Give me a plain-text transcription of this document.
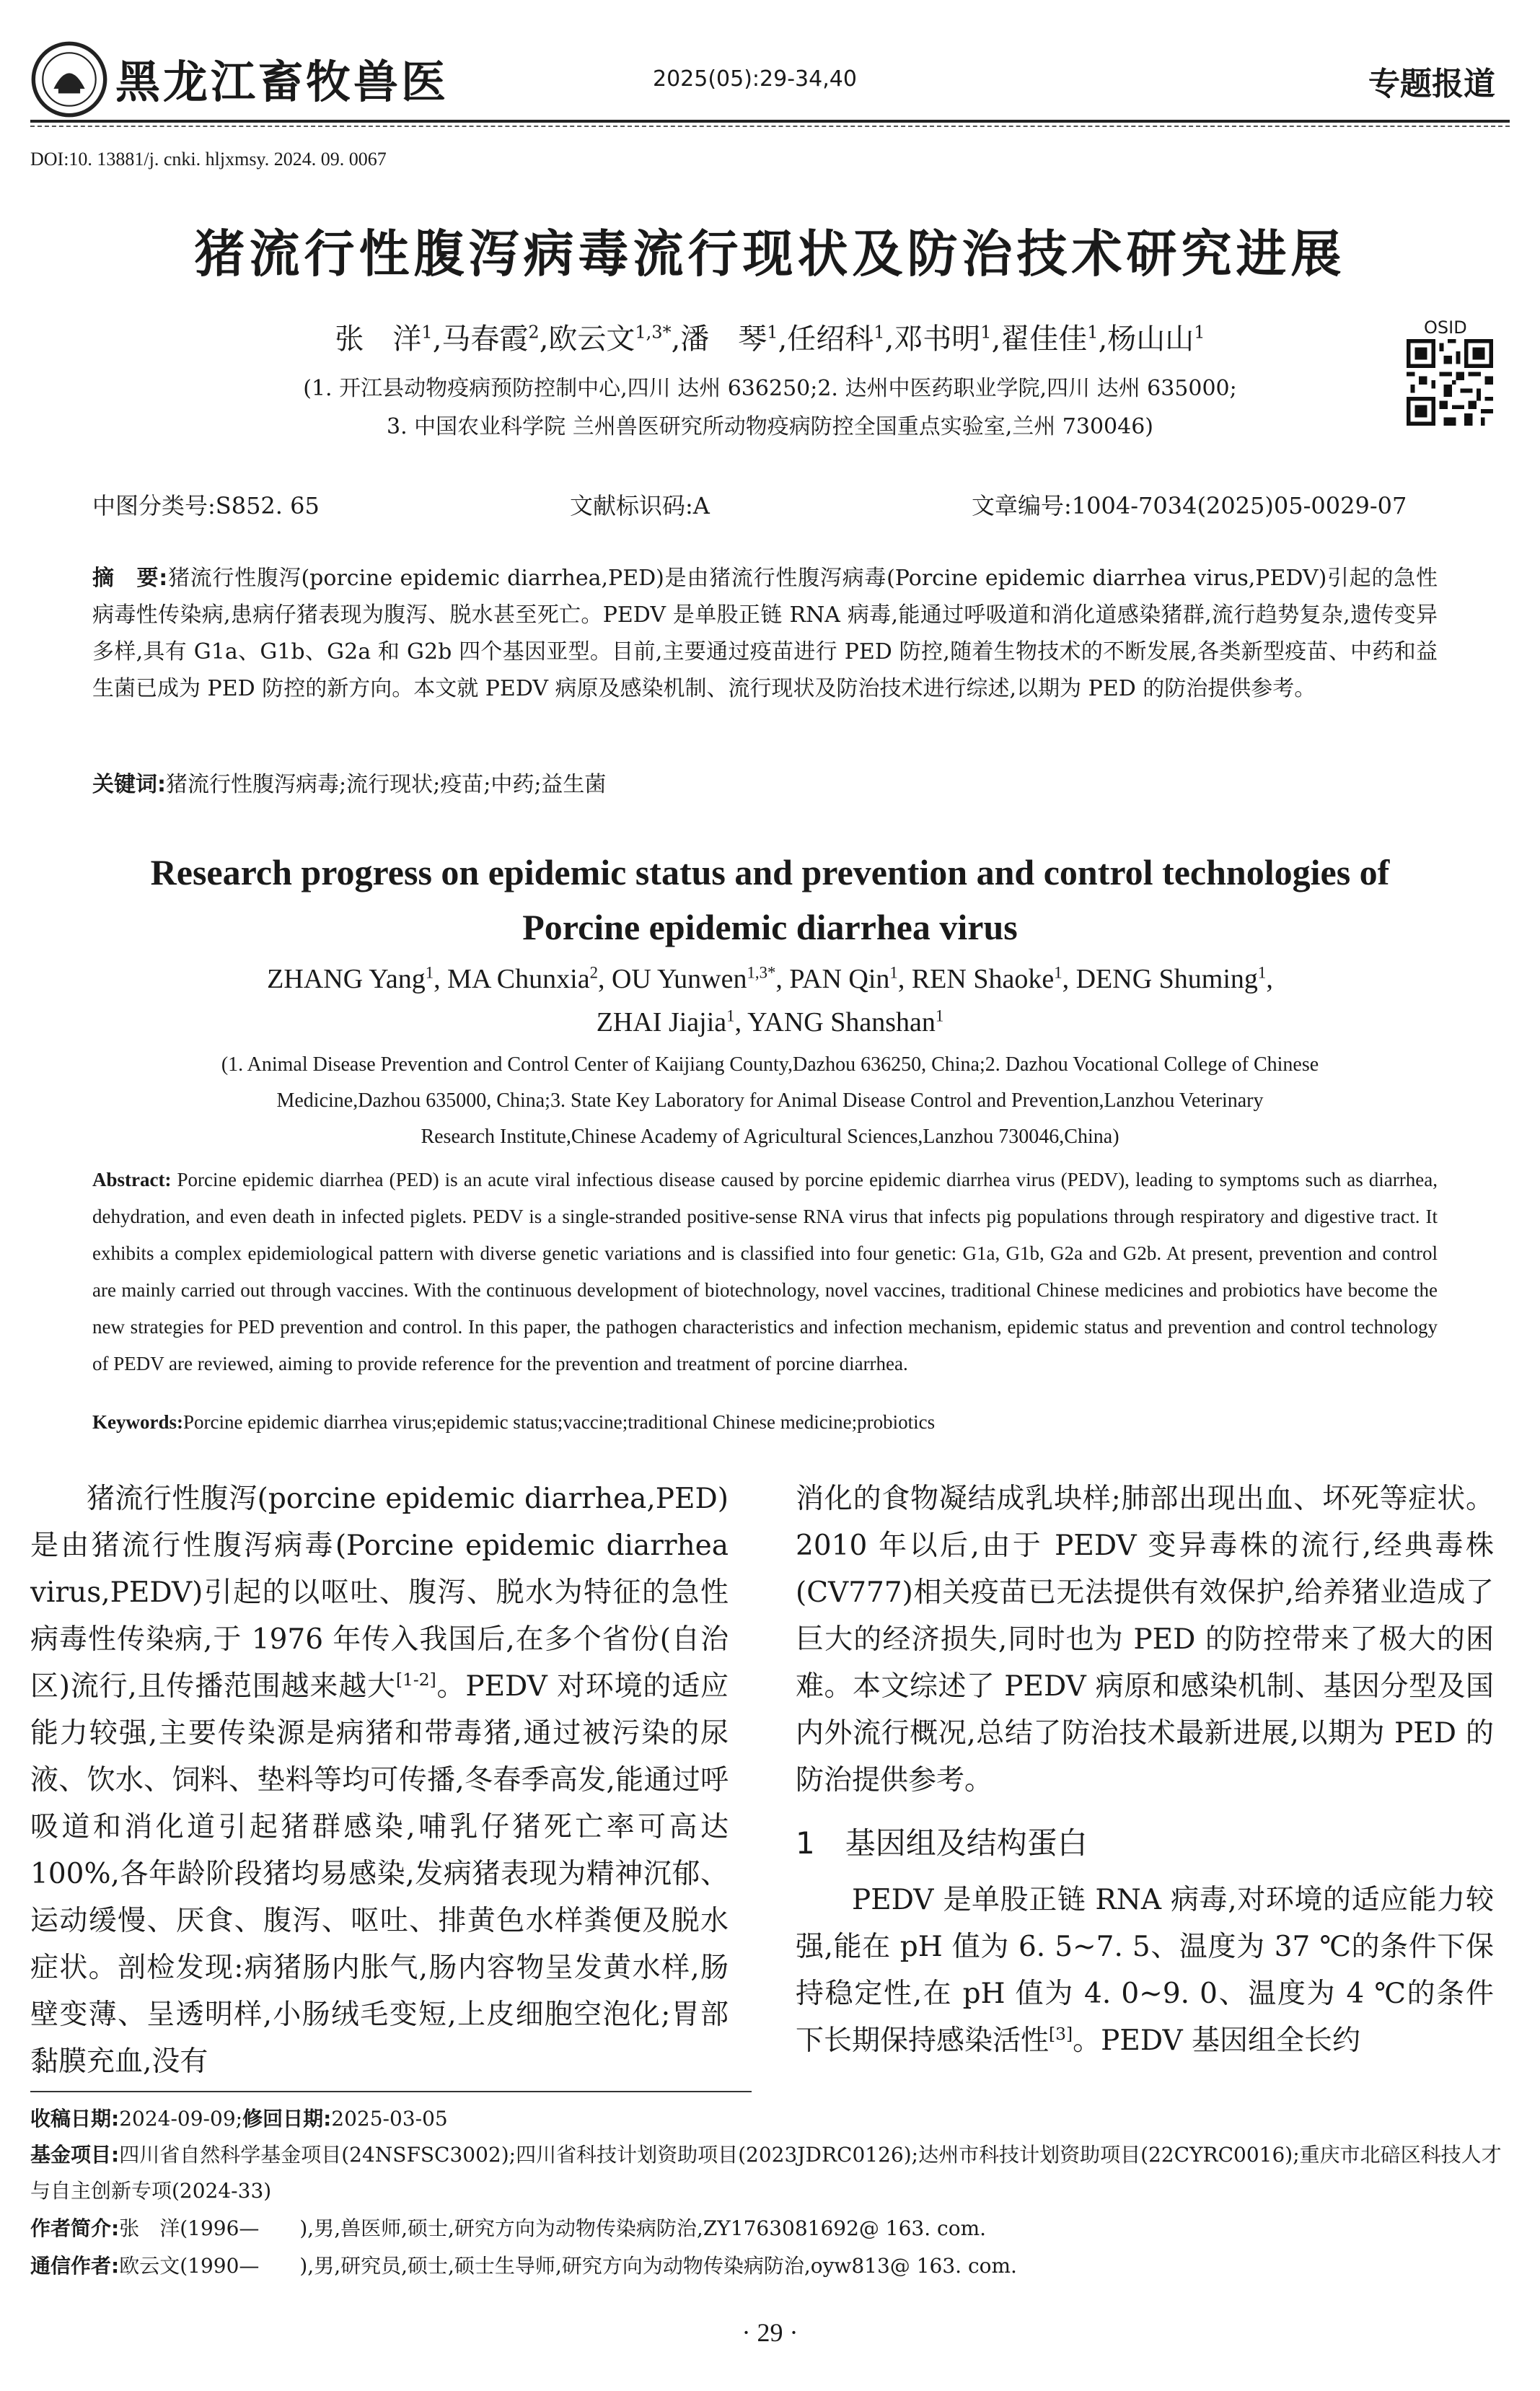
黑龙江畜牧兽医	2025(05):29-34,40	专题报道
DOI:10. 13881/j. cnki. hljxmsy. 2024. 09. 0067
猪流行性腹泻病毒流行现状及防治技术研究进展
张　洋$^1$,马春霞$^2$,欧云文$^{1,3*}$,潘　琴$^1$,任绍科$^1$,邓书明$^1$,翟佳佳$^1$,杨山山$^1$
(1. 开江县动物疫病预防控制中心,四川 达州 636250;2. 达州中医药职业学院,四川 达州 635000;
3. 中国农业科学院 兰州兽医研究所动物疫病防控全国重点实验室,兰州 730046)
OSID
中图分类号:S852. 65	文献标识码:A	文章编号:1004-7034(2025)05-0029-07
摘　要:猪流行性腹泻(porcine epidemic diarrhea,PED)是由猪流行性腹泻病毒(Porcine epidemic diarrhea virus,PEDV)引起的急性病毒性传染病,患病仔猪表现为腹泻、脱水甚至死亡。PEDV 是单股正链 RNA 病毒,能通过呼吸道和消化道感染猪群,流行趋势复杂,遗传变异多样,具有 G1a、G1b、G2a 和 G2b 四个基因亚型。目前,主要通过疫苗进行 PED 防控,随着生物技术的不断发展,各类新型疫苗、中药和益生菌已成为 PED 防控的新方向。本文就 PEDV 病原及感染机制、流行现状及防治技术进行综述,以期为 PED 的防治提供参考。
关键词:猪流行性腹泻病毒;流行现状;疫苗;中药;益生菌
Research progress on epidemic status and prevention and control technologies of
Porcine epidemic diarrhea virus
ZHANG Yang$^1$, MA Chunxia$^2$, OU Yunwen$^{1,3*}$, PAN Qin$^1$, REN Shaoke$^1$, DENG Shuming$^1$,
ZHAI Jiajia$^1$, YANG Shanshan$^1$
(1. Animal Disease Prevention and Control Center of Kaijiang County,Dazhou 636250, China;2. Dazhou Vocational College of Chinese
Medicine,Dazhou 635000, China;3. State Key Laboratory for Animal Disease Control and Prevention,Lanzhou Veterinary
Research Institute,Chinese Academy of Agricultural Sciences,Lanzhou 730046,China)
Abstract: Porcine epidemic diarrhea (PED) is an acute viral infectious disease caused by porcine epidemic diarrhea virus (PEDV), leading to symptoms such as diarrhea, dehydration, and even death in infected piglets. PEDV is a single-stranded positive-sense RNA virus that infects pig populations through respiratory and digestive tract. It exhibits a complex epidemiological pattern with diverse genetic variations and is classified into four genetic: G1a, G1b, G2a and G2b. At present, prevention and control are mainly carried out through vaccines. With the continuous development of biotechnology, novel vaccines, traditional Chinese medicines and probiotics have become the new strategies for PED prevention and control. In this paper, the pathogen characteristics and infection mechanism, epidemic status and prevention and control technology of PEDV are reviewed, aiming to provide reference for the prevention and treatment of porcine diarrhea.
Keywords:Porcine epidemic diarrhea virus;epidemic status;vaccine;traditional Chinese medicine;probiotics

猪流行性腹泻(porcine epidemic diarrhea,PED)是由猪流行性腹泻病毒(Porcine epidemic diarrhea virus,PEDV)引起的以呕吐、腹泻、脱水为特征的急性病毒性传染病,于 1976 年传入我国后,在多个省份(自治区)流行,且传播范围越来越大[1-2]。PEDV 对环境的适应能力较强,主要传染源是病猪和带毒猪,通过被污染的尿液、饮水、饲料、垫料等均可传播,冬春季高发,能通过呼吸道和消化道引起猪群感染,哺乳仔猪死亡率可高达 100%,各年龄阶段猪均易感染,发病猪表现为精神沉郁、运动缓慢、厌食、腹泻、呕吐、排黄色水样粪便及脱水症状。剖检发现:病猪肠内胀气,肠内容物呈发黄水样,肠壁变薄、呈透明样,小肠绒毛变短,上皮细胞空泡化;胃部黏膜充血,没有

消化的食物凝结成乳块样;肺部出现出血、坏死等症状。2010 年以后,由于 PEDV 变异毒株的流行,经典毒株(CV777)相关疫苗已无法提供有效保护,给养猪业造成了巨大的经济损失,同时也为 PED 的防控带来了极大的困难。本文综述了 PEDV 病原和感染机制、基因分型及国内外流行概况,总结了防治技术最新进展,以期为 PED 的防治提供参考。

1　基因组及结构蛋白

PEDV 是单股正链 RNA 病毒,对环境的适应能力较强,能在 pH 值为 6. 5~7. 5、温度为 37 ℃的条件下保持稳定性,在 pH 值为 4. 0~9. 0、温度为 4 ℃的条件下长期保持感染活性[3]。PEDV 基因组全长约

收稿日期:2024-09-09;修回日期:2025-03-05
基金项目:四川省自然科学基金项目(24NSFSC3002);四川省科技计划资助项目(2023JDRC0126);达州市科技计划资助项目(22CYRC0016);重庆市北碚区科技人才与自主创新专项(2024-33)
作者简介:张　洋(1996—　　),男,兽医师,硕士,研究方向为动物传染病防治,ZY1763081692@ 163. com.
通信作者:欧云文(1990—　　),男,研究员,硕士,硕士生导师,研究方向为动物传染病防治,oyw813@ 163. com.
· 29 ·
